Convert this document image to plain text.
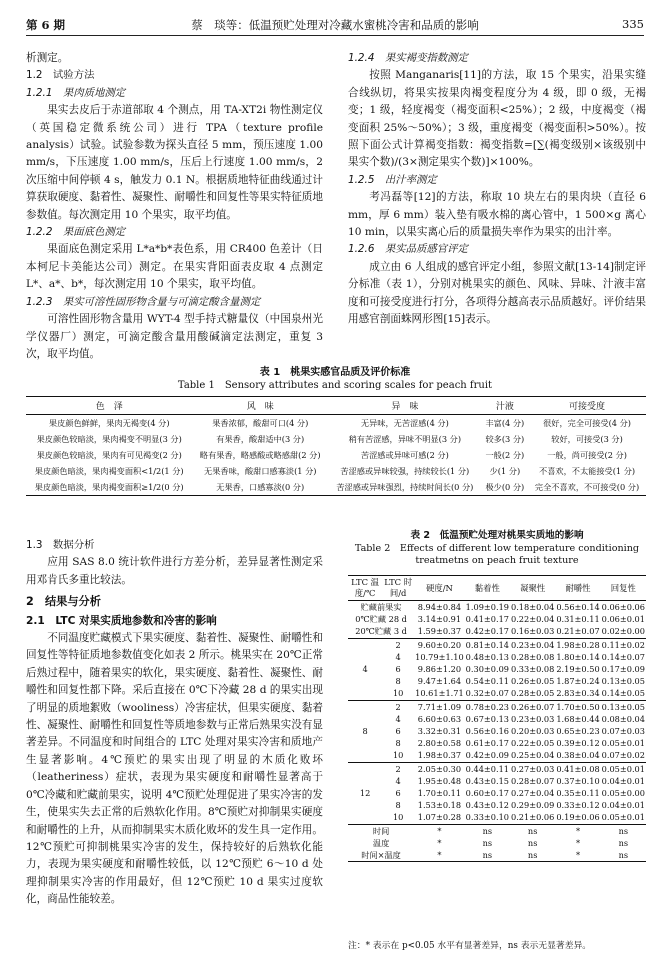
第 6 期	蔡　琰等：低温预贮处理对冷藏水蜜桃冷害和品质的影响	335
析测定。
1.2　试验方法
1.2.1　果肉质地测定
果实去皮后于赤道部取 4 个测点，用 TA-XT2i 物性测定仪（英国稳定微系统公司）进行 TPA（texture profile analysis）试验。试验参数为探头直径 5 mm，预压速度 1.00 mm/s，下压速度 1.00 mm/s，压后上行速度 1.00 mm/s，2 次压缩中间停顿 4 s，触发力 0.1 N。根据质地特征曲线通过计算获取硬度、黏着性、凝聚性、耐嚼性和回复性等果实特征质地参数值。每次测定用 10 个果实，取平均值。
1.2.2　果面底色测定
果面底色测定采用 L*a*b*表色系，用 CR400 色差计（日本柯尼卡美能达公司）测定。在果实背阳面表皮取 4 点测定 L*、a*、b*，每次测定用 10 个果实，取平均值。
1.2.3　果实可溶性固形物含量与可滴定酸含量测定
可溶性固形物含量用 WYT-4 型手持式糖量仪（中国泉州光学仪器厂）测定，可滴定酸含量用酸碱滴定法测定，重复 3 次，取平均值。
1.2.4　果实褐变指数测定
按照 Manganaris[11]的方法，取 15 个果实，沿果实缝合线纵切，将果实按果肉褐变程度分为 4 级，即 0 级，无褐变；1 级，轻度褐变（褐变面积<25%）；2 级，中度褐变（褐变面积 25%～50%）；3 级，重度褐变（褐变面积>50%）。按照下面公式计算褐变指数：褐变指数=[∑(褐变级别×该级别中果实个数)/(3×测定果实个数)]×100%。
1.2.5　出汁率测定
考冯磊等[12]的方法，称取 10 块左右的果肉块（直径 6 mm，厚 6 mm）装入垫有吸水棉的离心管中，1 500×g 离心 10 min，以果实离心后的质量损失率作为果实的出汁率。
1.2.6　果实品质感官评定
成立由 6 人组成的感官评定小组，参照文献[13-14]制定评分标准（表 1），分别对桃果实的颜色、风味、异味、汁液丰富度和可接受度进行打分，各项得分越高表示品质越好。评价结果用感官剖面蛛网形图[15]表示。
表 1　桃果实感官品质及评价标准
Table 1　Sensory attributes and scoring scales for peach fruit
色　泽	风　味	异　味	汁液	可接受度
果皮颜色鲜鲜，果肉无褐变(4 分)	果香浓郁，酸甜可口(4 分)	无异味，无苦涩感(4 分)	丰富(4 分)	很好，完全可接受(4 分)
果皮颜色较暗淡，果肉褐变不明显(3 分)	有果香，酸甜适中(3 分)	稍有苦涩感，异味不明显(3 分)	较多(3 分)	较好，可接受(3 分)
果皮颜色较暗淡，果肉有可见褐变(2 分)	略有果香，略感酸或略感甜(2 分)	苦涩感或异味可感(2 分)	一般(2 分)	一般，尚可接受(2 分)
果皮颜色暗淡，果肉褐变面积<1/2(1 分)	无果香味，酸甜口感寡淡(1 分)	苦涩感或异味较强，持续较长(1 分)	少(1 分)	不喜欢，不太能接受(1 分)
果皮颜色暗淡，果肉褐变面积≥1/2(0 分)	无果香，口感寡淡(0 分)	苦涩感或异味强烈，持续时间长(0 分)	极少(0 分)	完全不喜欢，不可接受(0 分)
1.3　数据分析
应用 SAS 8.0 统计软件进行方差分析，差异显著性测定采用邓肯氏多重比较法。
2　结果与分析
2.1　LTC 对果实质地参数和冷害的影响
不同温度贮藏模式下果实硬度、黏着性、凝聚性、耐嚼性和回复性等特征质地参数值变化如表 2 所示。桃果实在 20℃正常后熟过程中，随着果实的软化，果实硬度、黏着性、凝聚性、耐嚼性和回复性都下降。采后直接在 0℃下冷藏 28 d 的果实出现了明显的质地絮败（wooliness）冷害症状，但果实硬度、黏着性、凝聚性、耐嚼性和回复性等质地参数与正常后熟果实没有显著差异。不同温度和时间组合的 LTC 处理对果实冷害和质地产生显著影响。4℃预贮的果实出现了明显的木质化败坏（leatheriness）症状，表现为果实硬度和耐嚼性显著高于 0℃冷藏和贮藏前果实，说明 4℃预贮处理促进了果实冷害的发生，使果实失去正常的后熟软化作用。8℃预贮对抑制果实硬度和耐嚼性的上升，从而抑制果实木质化败坏的发生具一定作用。12℃预贮可抑制桃果实冷害的发生，保持较好的后熟软化能力，表现为果实硬度和耐嚼性较低，以 12℃预贮 6～10 d 处理抑制果实冷害的作用最好，但 12℃预贮 10 d 果实过度软化，商品性能较差。
表 2　低温预贮处理对桃果实质地的影响
Table 2　Effects of different low temperature conditioning
treatmetns on peach fruit texture
LTC 温度/℃	LTC 时间/d	硬度/N	黏着性	凝聚性	耐嚼性	回复性
贮藏前果实		8.94±0.84	1.09±0.19	0.18±0.04	0.56±0.14	0.06±0.06
0℃贮藏 28 d		3.14±0.91	0.41±0.17	0.22±0.04	0.31±0.11	0.06±0.01
20℃贮藏 3 d		1.59±0.37	0.42±0.17	0.16±0.03	0.21±0.07	0.02±0.00
4	2	9.60±0.20	0.81±0.14	0.23±0.04	1.98±0.28	0.11±0.02
	4	10.79±1.10	0.48±0.13	0.28±0.08	1.80±0.14	0.14±0.07
	6	9.86±1.20	0.30±0.09	0.33±0.08	2.19±0.50	0.17±0.09
	8	9.47±1.64	0.54±0.11	0.26±0.05	1.87±0.24	0.13±0.05
	10	10.61±1.71	0.32±0.07	0.28±0.05	2.83±0.34	0.14±0.05
8	2	7.71±1.09	0.78±0.23	0.26±0.07	1.70±0.50	0.13±0.05
	4	6.60±0.63	0.67±0.13	0.23±0.03	1.68±0.44	0.08±0.04
	6	3.32±0.31	0.56±0.16	0.20±0.03	0.65±0.23	0.07±0.03
	8	2.80±0.58	0.61±0.17	0.22±0.05	0.39±0.12	0.05±0.01
	10	1.98±0.37	0.42±0.09	0.25±0.04	0.38±0.04	0.07±0.02
12	2	2.05±0.30	0.44±0.11	0.27±0.03	0.41±0.08	0.05±0.01
	4	1.95±0.48	0.43±0.15	0.28±0.07	0.37±0.10	0.04±0.01
	6	1.70±0.11	0.60±0.17	0.27±0.04	0.35±0.11	0.05±0.00
	8	1.53±0.18	0.43±0.12	0.29±0.09	0.33±0.12	0.04±0.01
	10	1.07±0.28	0.33±0.10	0.21±0.06	0.19±0.06	0.05±0.01
时间		*	ns	ns	*	ns
温度		*	ns	ns	*	ns
时间×温度		*	ns	ns	*	ns
注：* 表示在 p<0.05 水平有显著差异，ns 表示无显著差异。
